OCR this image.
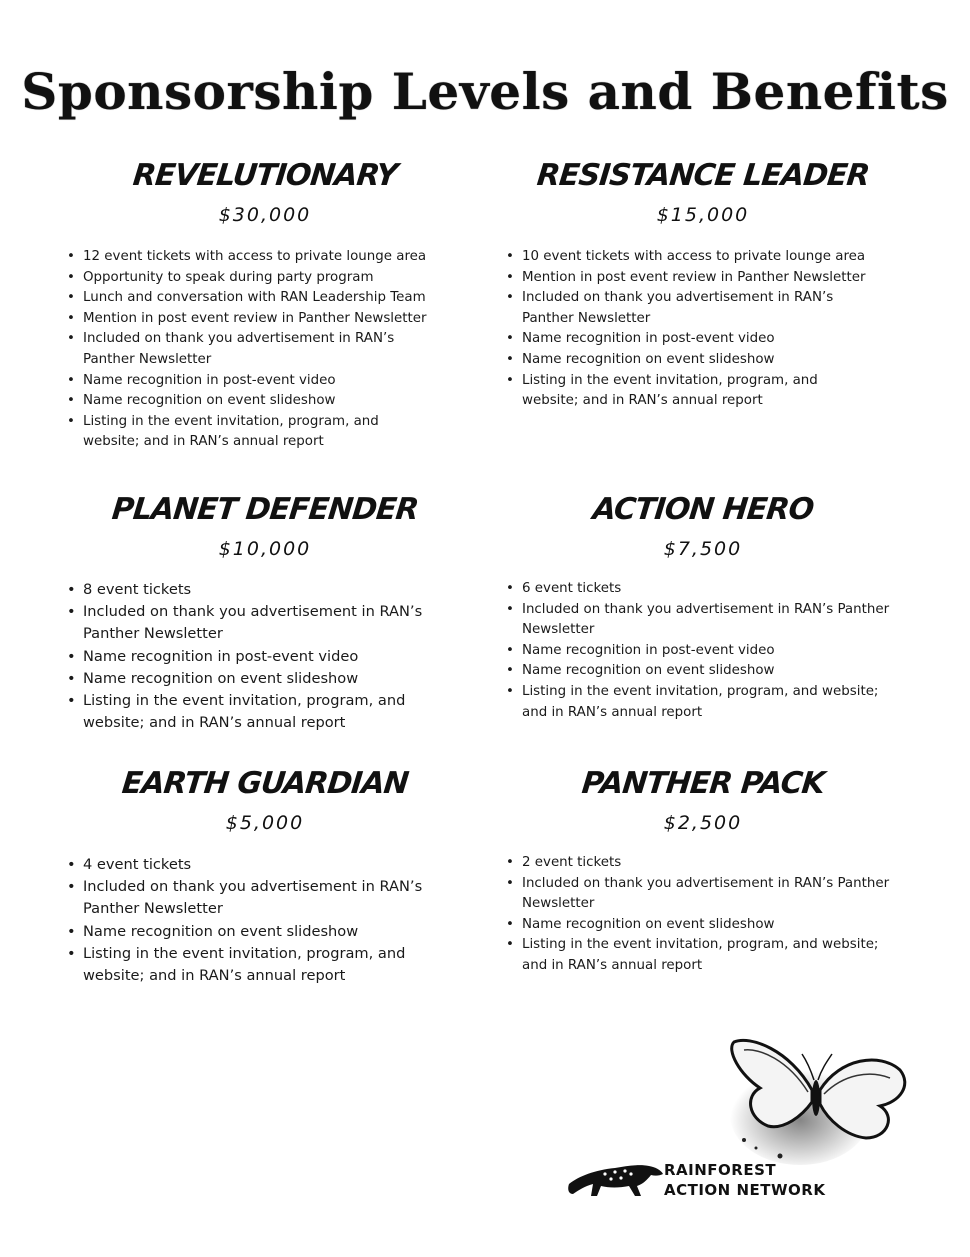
Sponsorship Levels and Benefits
REVELUTIONARY
$30,000
• 12 event tickets with access to private lounge area
• Opportunity to speak during party program
• Lunch and conversation with RAN Leadership Team
• Mention in post event review in Panther Newsletter
• Included on thank you advertisement in RAN’s Panther Newsletter
• Name recognition in post-event video
• Name recognition on event slideshow
• Listing in the event invitation, program, and website; and in RAN’s annual report
RESISTANCE LEADER
$15,000
• 10 event tickets with access to private lounge area
• Mention in post event review in Panther Newsletter
• Included on thank you advertisement in RAN’s Panther Newsletter
• Name recognition in post-event video
• Name recognition on event slideshow
• Listing in the event invitation, program, and website; and in RAN’s annual report
PLANET DEFENDER
$10,000
• 8 event tickets
• Included on thank you advertisement in RAN’s Panther Newsletter
• Name recognition in post-event video
• Name recognition on event slideshow
• Listing in the event invitation, program, and website; and in RAN’s annual report
ACTION HERO
$7,500
• 6 event tickets
• Included on thank you advertisement in RAN’s Panther Newsletter
• Name recognition in post-event video
• Name recognition on event slideshow
• Listing in the event invitation, program, and website; and in RAN’s annual report
EARTH GUARDIAN
$5,000
• 4 event tickets
• Included on thank you advertisement in RAN’s Panther Newsletter
• Name recognition on event slideshow
• Listing in the event invitation, program, and website; and in RAN’s annual report
PANTHER PACK
$2,500
• 2 event tickets
• Included on thank you advertisement in RAN’s Panther Newsletter
• Name recognition on event slideshow
• Listing in the event invitation, program, and website; and in RAN’s annual report
RAINFOREST
ACTION NETWORK
